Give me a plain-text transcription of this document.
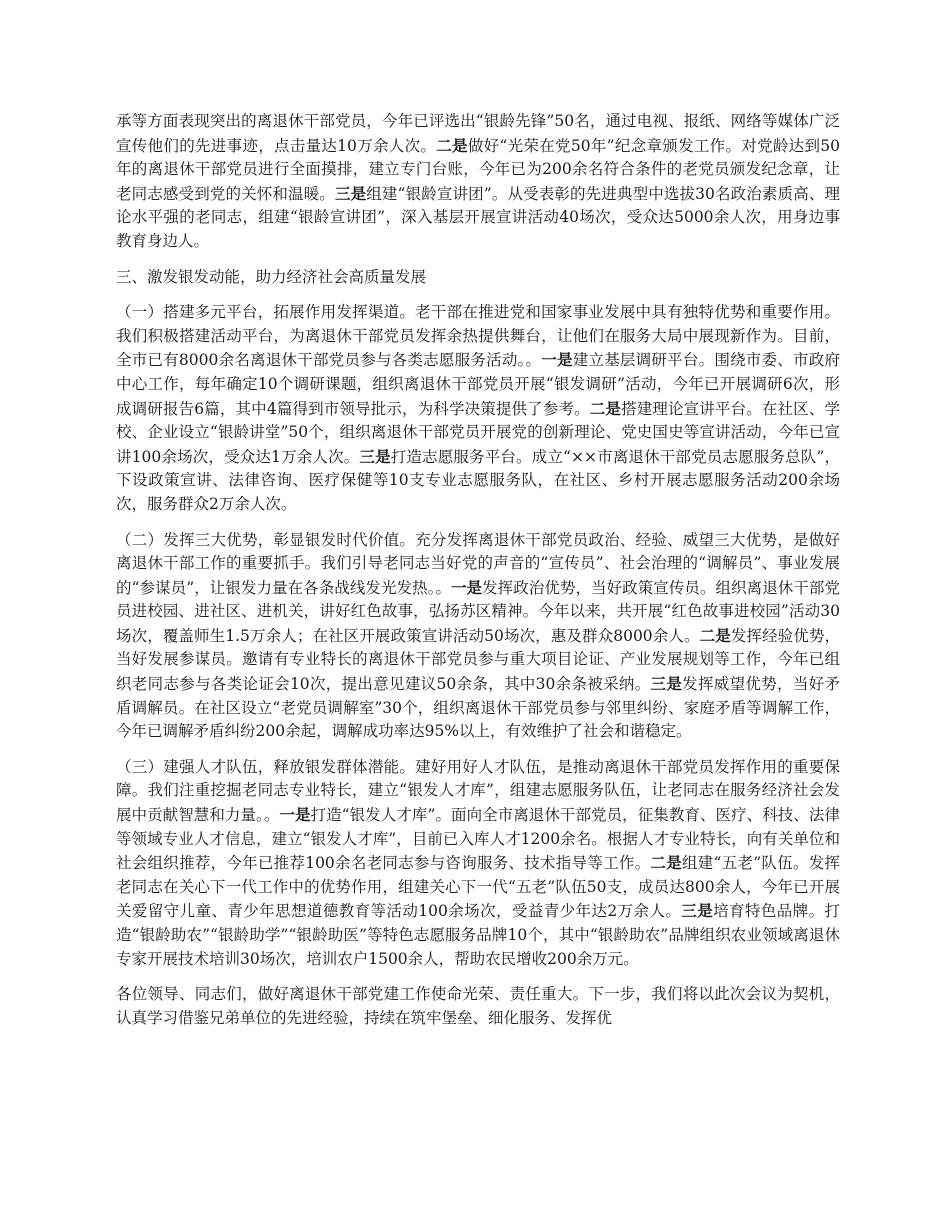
承等方面表现突出的离退休干部党员，今年已评选出“银龄先锋”50名，通过电视、报纸、网络等媒体广泛宣传他们的先进事迹，点击量达10万余人次。二是做好“光荣在党50年”纪念章颁发工作。对党龄达到50年的离退休干部党员进行全面摸排，建立专门台账，今年已为200余名符合条件的老党员颁发纪念章，让老同志感受到党的关怀和温暖。三是组建“银龄宣讲团”。从受表彰的先进典型中选拔30名政治素质高、理论水平强的老同志，组建“银龄宣讲团”，深入基层开展宣讲活动40场次，受众达5000余人次，用身边事教育身边人。

三、激发银发动能，助力经济社会高质量发展

（一）搭建多元平台，拓展作用发挥渠道。老干部在推进党和国家事业发展中具有独特优势和重要作用。我们积极搭建活动平台，为离退休干部党员发挥余热提供舞台，让他们在服务大局中展现新作为。目前，全市已有8000余名离退休干部党员参与各类志愿服务活动。。一是建立基层调研平台。围绕市委、市政府中心工作，每年确定10个调研课题，组织离退休干部党员开展“银发调研”活动，今年已开展调研6次，形成调研报告6篇，其中4篇得到市领导批示，为科学决策提供了参考。二是搭建理论宣讲平台。在社区、学校、企业设立“银龄讲堂”50个，组织离退休干部党员开展党的创新理论、党史国史等宣讲活动，今年已宣讲100余场次，受众达1万余人次。三是打造志愿服务平台。成立“××市离退休干部党员志愿服务总队”，下设政策宣讲、法律咨询、医疗保健等10支专业志愿服务队，在社区、乡村开展志愿服务活动200余场次，服务群众2万余人次。

（二）发挥三大优势，彰显银发时代价值。充分发挥离退休干部党员政治、经验、威望三大优势，是做好离退休干部工作的重要抓手。我们引导老同志当好党的声音的“宣传员”、社会治理的“调解员”、事业发展的“参谋员”，让银发力量在各条战线发光发热。。一是发挥政治优势，当好政策宣传员。组织离退休干部党员进校园、进社区、进机关，讲好红色故事，弘扬苏区精神。今年以来，共开展“红色故事进校园”活动30场次，覆盖师生1.5万余人；在社区开展政策宣讲活动50场次，惠及群众8000余人。二是发挥经验优势，当好发展参谋员。邀请有专业特长的离退休干部党员参与重大项目论证、产业发展规划等工作，今年已组织老同志参与各类论证会10次，提出意见建议50余条，其中30余条被采纳。三是发挥威望优势，当好矛盾调解员。在社区设立“老党员调解室”30个，组织离退休干部党员参与邻里纠纷、家庭矛盾等调解工作，今年已调解矛盾纠纷200余起，调解成功率达95%以上，有效维护了社会和谐稳定。

（三）建强人才队伍，释放银发群体潜能。建好用好人才队伍，是推动离退休干部党员发挥作用的重要保障。我们注重挖掘老同志专业特长，建立“银发人才库”，组建志愿服务队伍，让老同志在服务经济社会发展中贡献智慧和力量。。一是打造“银发人才库”。面向全市离退休干部党员，征集教育、医疗、科技、法律等领域专业人才信息，建立“银发人才库”，目前已入库人才1200余名。根据人才专业特长，向有关单位和社会组织推荐，今年已推荐100余名老同志参与咨询服务、技术指导等工作。二是组建“五老”队伍。发挥老同志在关心下一代工作中的优势作用，组建关心下一代“五老”队伍50支，成员达800余人，今年已开展关爱留守儿童、青少年思想道德教育等活动100余场次，受益青少年达2万余人。三是培育特色品牌。打造“银龄助农”“银龄助学”“银龄助医”等特色志愿服务品牌10个，其中“银龄助农”品牌组织农业领域离退休专家开展技术培训30场次，培训农户1500余人，帮助农民增收200余万元。

各位领导、同志们，做好离退休干部党建工作使命光荣、责任重大。下一步，我们将以此次会议为契机，认真学习借鉴兄弟单位的先进经验，持续在筑牢堡垒、细化服务、发挥优
